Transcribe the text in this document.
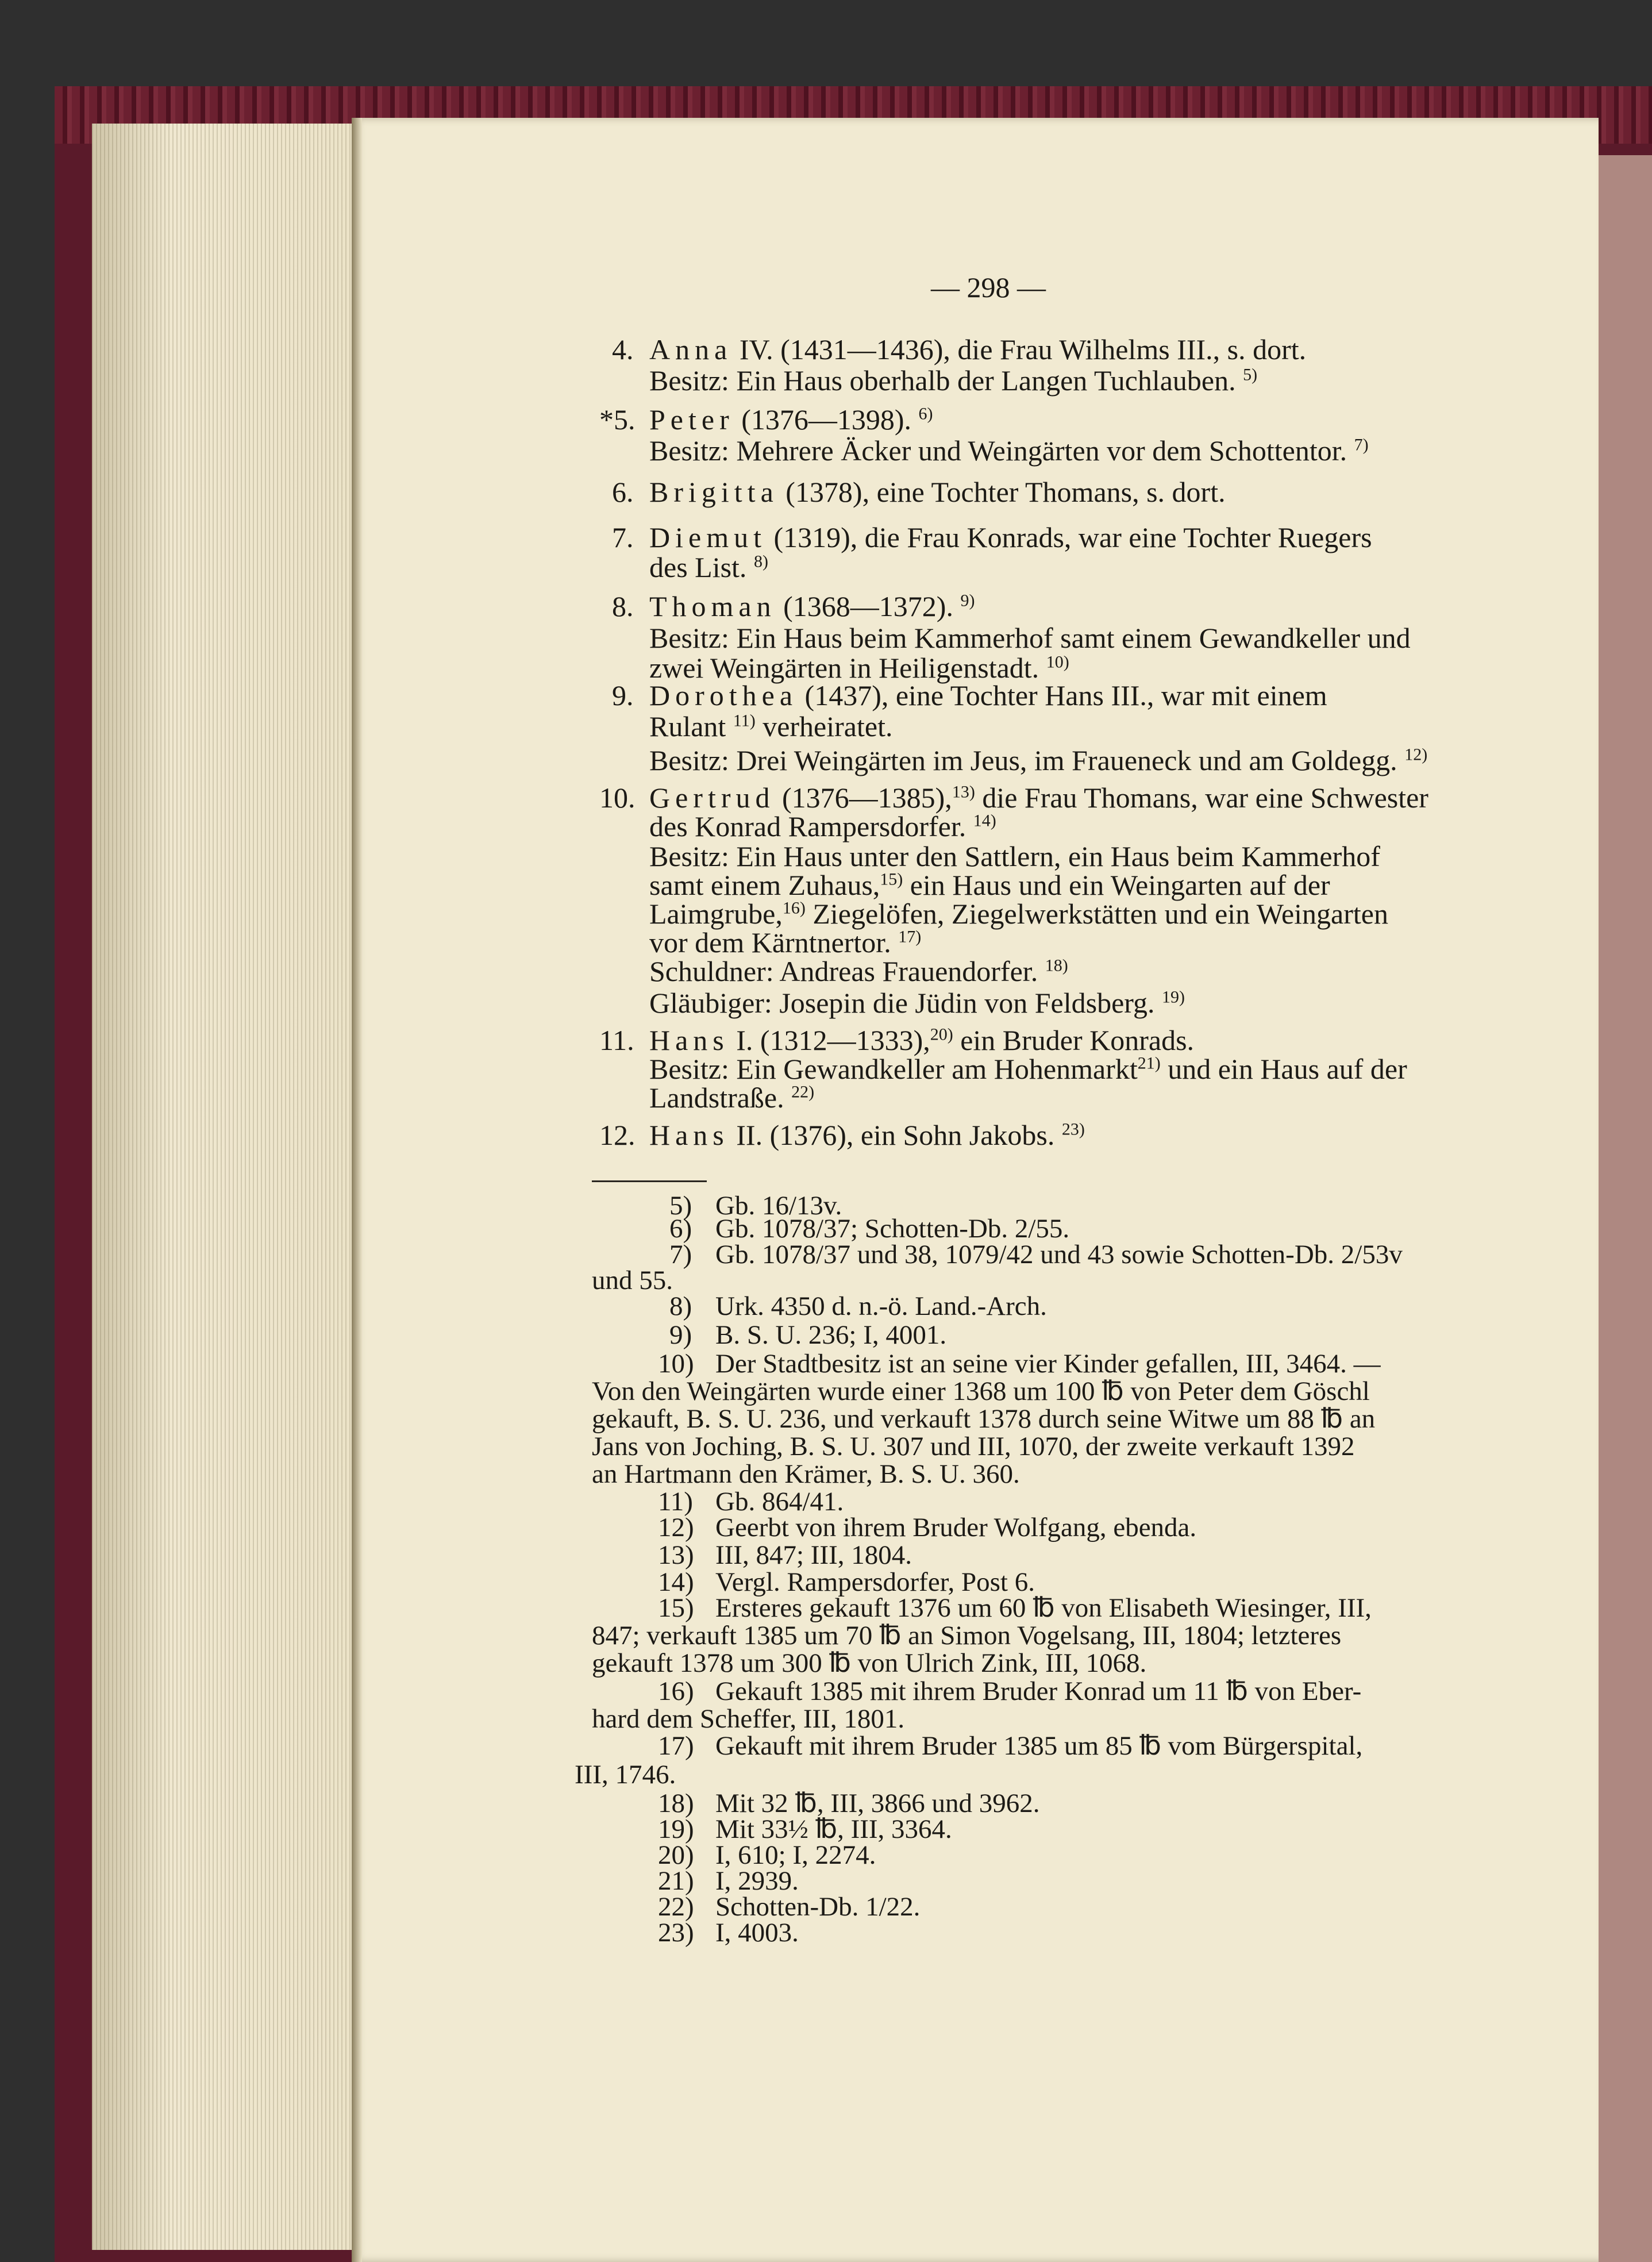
— 298 —
4. Anna IV. (1431—1436), die Frau Wilhelms III., s. dort.
Besitz: Ein Haus oberhalb der Langen Tuchlauben. $^{5)}$
*5. Peter (1376—1398). $^{6)}$
Besitz: Mehrere Äcker und Weingärten vor dem Schottentor. $^{7)}$
6. Brigitta (1378), eine Tochter Thomans, s. dort.
7. Diemut (1319), die Frau Konrads, war eine Tochter Ruegers
des List. $^{8)}$
8. Thoman (1368—1372). $^{9)}$
Besitz: Ein Haus beim Kammerhof samt einem Gewandkeller und
zwei Weingärten in Heiligenstadt. $^{10)}$
9. Dorothea (1437), eine Tochter Hans III., war mit einem
Rulant $^{11)}$ verheiratet.
Besitz: Drei Weingärten im Jeus, im Fraueneck und am Goldegg. $^{12)}$
10. Gertrud (1376—1385),$^{13)}$ die Frau Thomans, war eine Schwester
des Konrad Rampersdorfer. $^{14)}$
Besitz: Ein Haus unter den Sattlern, ein Haus beim Kammerhof
samt einem Zuhaus,$^{15)}$ ein Haus und ein Weingarten auf der
Laimgrube,$^{16)}$ Ziegelöfen, Ziegelwerkstätten und ein Weingarten
vor dem Kärntnertor. $^{17)}$
Schuldner: Andreas Frauendorfer. $^{18)}$
Gläubiger: Josepin die Jüdin von Feldsberg. $^{19)}$
11. Hans I. (1312—1333),$^{20)}$ ein Bruder Konrads.
Besitz: Ein Gewandkeller am Hohenmarkt$^{21)}$ und ein Haus auf der
Landstraße. $^{22)}$
12. Hans II. (1376), ein Sohn Jakobs. $^{23)}$
5) Gb. 16/13v.
6) Gb. 1078/37; Schotten-Db. 2/55.
7) Gb. 1078/37 und 38, 1079/42 und 43 sowie Schotten-Db. 2/53v
und 55.
8) Urk. 4350 d. n.-ö. Land.-Arch.
9) B. S. U. 236; I, 4001.
10) Der Stadtbesitz ist an seine vier Kinder gefallen, III, 3464. —
Von den Weingärten wurde einer 1368 um 100 ℔ von Peter dem Göschl
gekauft, B. S. U. 236, und verkauft 1378 durch seine Witwe um 88 ℔ an
Jans von Joching, B. S. U. 307 und III, 1070, der zweite verkauft 1392
an Hartmann den Krämer, B. S. U. 360.
11) Gb. 864/41.
12) Geerbt von ihrem Bruder Wolfgang, ebenda.
13) III, 847; III, 1804.
14) Vergl. Rampersdorfer, Post 6.
15) Ersteres gekauft 1376 um 60 ℔ von Elisabeth Wiesinger, III,
847; verkauft 1385 um 70 ℔ an Simon Vogelsang, III, 1804; letzteres
gekauft 1378 um 300 ℔ von Ulrich Zink, III, 1068.
16) Gekauft 1385 mit ihrem Bruder Konrad um 11 ℔ von Eber-
hard dem Scheffer, III, 1801.
17) Gekauft mit ihrem Bruder 1385 um 85 ℔ vom Bürgerspital,
III, 1746.
18) Mit 32 ℔, III, 3866 und 3962.
19) Mit 33½ ℔, III, 3364.
20) I, 610; I, 2274.
21) I, 2939.
22) Schotten-Db. 1/22.
23) I, 4003.
